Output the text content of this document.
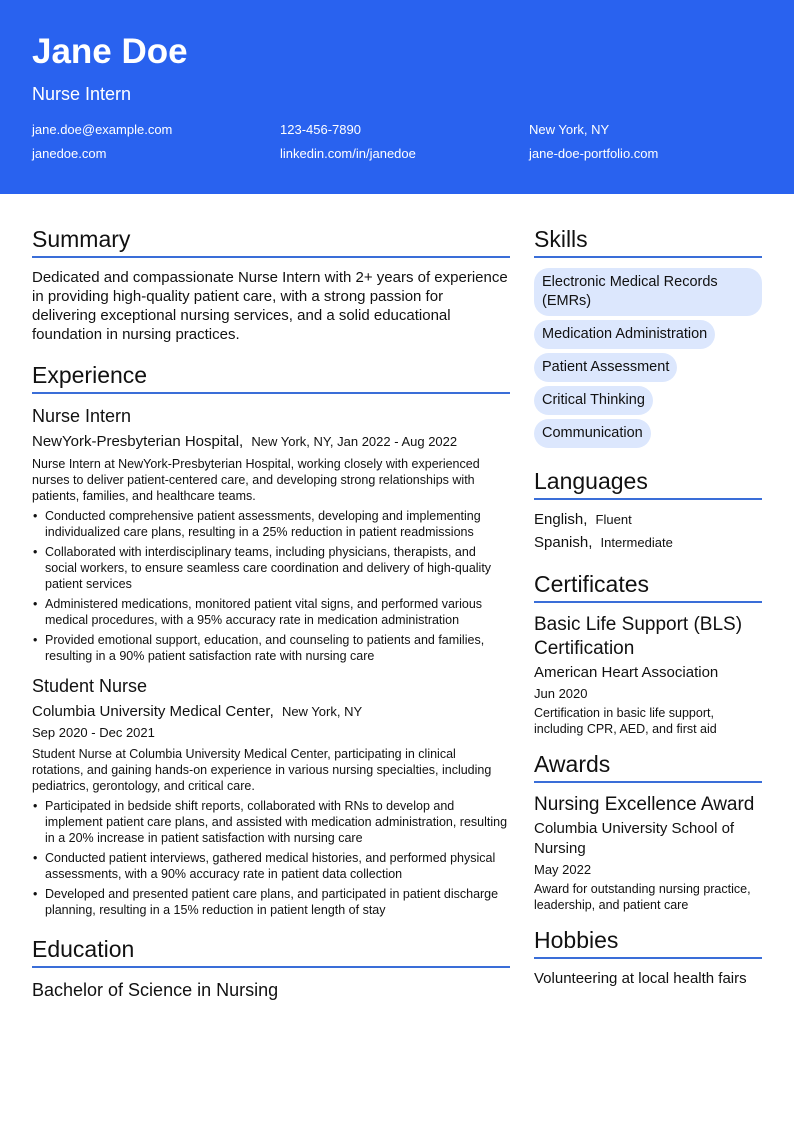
Jane Doe
Nurse Intern
jane.doe@example.com	123-456-7890	New York, NY
janedoe.com	linkedin.com/in/janedoe	jane-doe-portfolio.com
Summary

Dedicated and compassionate Nurse Intern with 2+ years of experience in providing high-quality patient care, with a strong passion for delivering exceptional nursing services, and a solid educational foundation in nursing practices.

Experience
Nurse Intern
NewYork-Presbyterian Hospital, New York, NY, Jan 2022 - Aug 2022

Nurse Intern at NewYork-Presbyterian Hospital, working closely with experienced nurses to deliver patient-centered care, and developing strong relationships with patients, families, and healthcare teams.

• Conducted comprehensive patient assessments, developing and implementing individualized care plans, resulting in a 25% reduction in patient readmissions
• Collaborated with interdisciplinary teams, including physicians, therapists, and social workers, to ensure seamless care coordination and delivery of high-quality patient services
• Administered medications, monitored patient vital signs, and performed various medical procedures, with a 95% accuracy rate in medication administration
• Provided emotional support, education, and counseling to patients and families, resulting in a 90% patient satisfaction rate with nursing care
Student Nurse
Columbia University Medical Center, New York, NY
Sep 2020 - Dec 2021

Student Nurse at Columbia University Medical Center, participating in clinical rotations, and gaining hands-on experience in various nursing specialties, including pediatrics, gerontology, and critical care.

• Participated in bedside shift reports, collaborated with RNs to develop and implement patient care plans, and assisted with medication administration, resulting in a 20% increase in patient satisfaction with nursing care
• Conducted patient interviews, gathered medical histories, and performed physical assessments, with a 90% accuracy rate in patient data collection
• Developed and presented patient care plans, and participated in patient discharge planning, resulting in a 15% reduction in patient length of stay
Education
Bachelor of Science in Nursing
Skills
Electronic Medical Records (EMRs)
Medication Administration
Patient Assessment
Critical Thinking
Communication
Languages
English, Fluent
Spanish, Intermediate
Certificates
Basic Life Support (BLS) Certification
American Heart Association
Jun 2020

Certification in basic life support, including CPR, AED, and first aid

Awards
Nursing Excellence Award
Columbia University School of Nursing
May 2022

Award for outstanding nursing practice, leadership, and patient care

Hobbies
Volunteering at local health fairs
